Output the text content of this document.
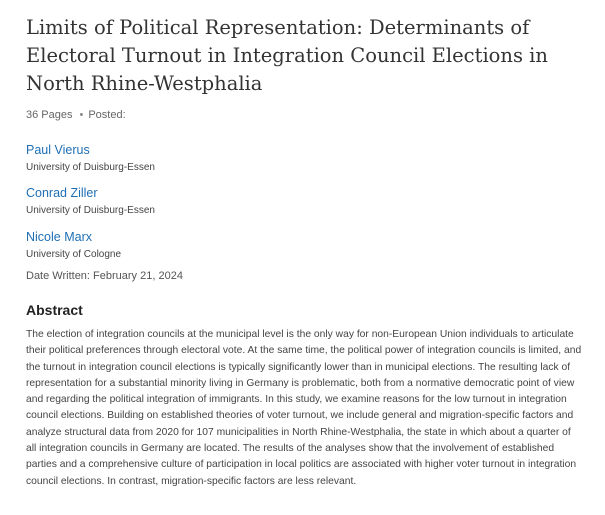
Limits of Political Representation: Determinants of Electoral Turnout in Integration Council Elections in North Rhine-Westphalia
36 Pages • Posted:
Paul Vierus
University of Duisburg-Essen
Conrad Ziller
University of Duisburg-Essen
Nicole Marx
University of Cologne
Date Written: February 21, 2024
Abstract

The election of integration councils at the municipal level is the only way for non-European Union individuals to articulate their political preferences through electoral vote. At the same time, the political power of integration councils is limited, and the turnout in integration council elections is typically significantly lower than in municipal elections. The resulting lack of representation for a substantial minority living in Germany is problematic, both from a normative democratic point of view and regarding the political integration of immigrants. In this study, we examine reasons for the low turnout in integration council elections. Building on established theories of voter turnout, we include general and migration-specific factors and analyze structural data from 2020 for 107 municipalities in North Rhine-Westphalia, the state in which about a quarter of all integration councils in Germany are located. The results of the analyses show that the involvement of established parties and a comprehensive culture of participation in local politics are associated with higher voter turnout in integration council elections. In contrast, migration-specific factors are less relevant.
